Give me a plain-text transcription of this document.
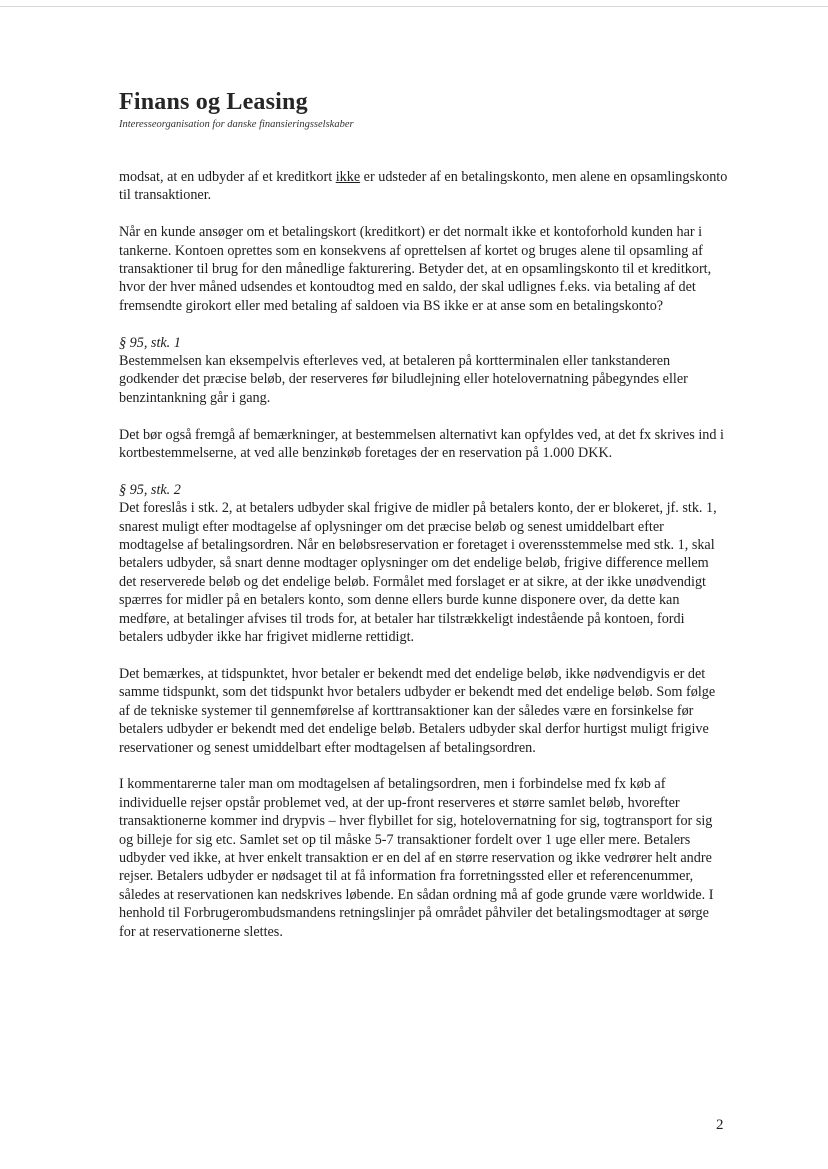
Finans og Leasing
Interesseorganisation for danske finansieringsselskaber

modsat, at en udbyder af et kreditkort ikke er udsteder af en betalingskonto, men alene en opsamlingskonto til transaktioner.

Når en kunde ansøger om et betalingskort (kreditkort) er det normalt ikke et kontoforhold kunden har i tankerne. Kontoen oprettes som en konsekvens af oprettelsen af kortet og bruges alene til opsamling af transaktioner til brug for den månedlige fakturering. Betyder det, at en opsamlingskonto til et kreditkort, hvor der hver måned udsendes et kontoudtog med en saldo, der skal udlignes f.eks. via betaling af det fremsendte girokort eller med betaling af saldoen via BS ikke er at anse som en betalingskonto?

§ 95, stk. 1
Bestemmelsen kan eksempelvis efterleves ved, at betaleren på kortterminalen eller tankstanderen godkender det præcise beløb, der reserveres før biludlejning eller hotelovernatning påbegyndes eller benzintankning går i gang.

Det bør også fremgå af bemærkninger, at bestemmelsen alternativt kan opfyldes ved, at det fx skrives ind i kortbestemmelserne, at ved alle benzinkøb foretages der en reservation på 1.000 DKK.

§ 95, stk. 2
Det foreslås i stk. 2, at betalers udbyder skal frigive de midler på betalers konto, der er blokeret, jf. stk. 1, snarest muligt efter modtagelse af oplysninger om det præcise beløb og senest umiddelbart efter modtagelse af betalingsordren. Når en beløbsreservation er foretaget i overensstemmelse med stk. 1, skal betalers udbyder, så snart denne modtager oplysninger om det endelige beløb, frigive difference mellem det reserverede beløb og det endelige beløb. Formålet med forslaget er at sikre, at der ikke unødvendigt spærres for midler på en betalers konto, som denne ellers burde kunne disponere over, da dette kan medføre, at betalinger afvises til trods for, at betaler har tilstrækkeligt indestående på kontoen, fordi betalers udbyder ikke har frigivet midlerne rettidigt.

Det bemærkes, at tidspunktet, hvor betaler er bekendt med det endelige beløb, ikke nødvendigvis er det samme tidspunkt, som det tidspunkt hvor betalers udbyder er bekendt med det endelige beløb. Som følge af de tekniske systemer til gennemførelse af korttransaktioner kan der således være en forsinkelse før betalers udbyder er bekendt med det endelige beløb. Betalers udbyder skal derfor hurtigst muligt frigive reservationer og senest umiddelbart efter modtagelsen af betalingsordren.

I kommentarerne taler man om modtagelsen af betalingsordren, men i forbindelse med fx køb af individuelle rejser opstår problemet ved, at der up-front reserveres et større samlet beløb, hvorefter transaktionerne kommer ind drypvis – hver flybillet for sig, hotelovernatning for sig, togtransport for sig og billeje for sig etc. Samlet set op til måske 5-7 transaktioner fordelt over 1 uge eller mere. Betalers udbyder ved ikke, at hver enkelt transaktion er en del af en større reservation og ikke vedrører helt andre rejser. Betalers udbyder er nødsaget til at få information fra forretningssted eller et referencenummer, således at reservationen kan nedskrives løbende. En sådan ordning må af gode grunde være worldwide. I henhold til Forbrugerombudsmandens retningslinjer på området påhviler det betalingsmodtager at sørge for at reservationerne slettes.

2
